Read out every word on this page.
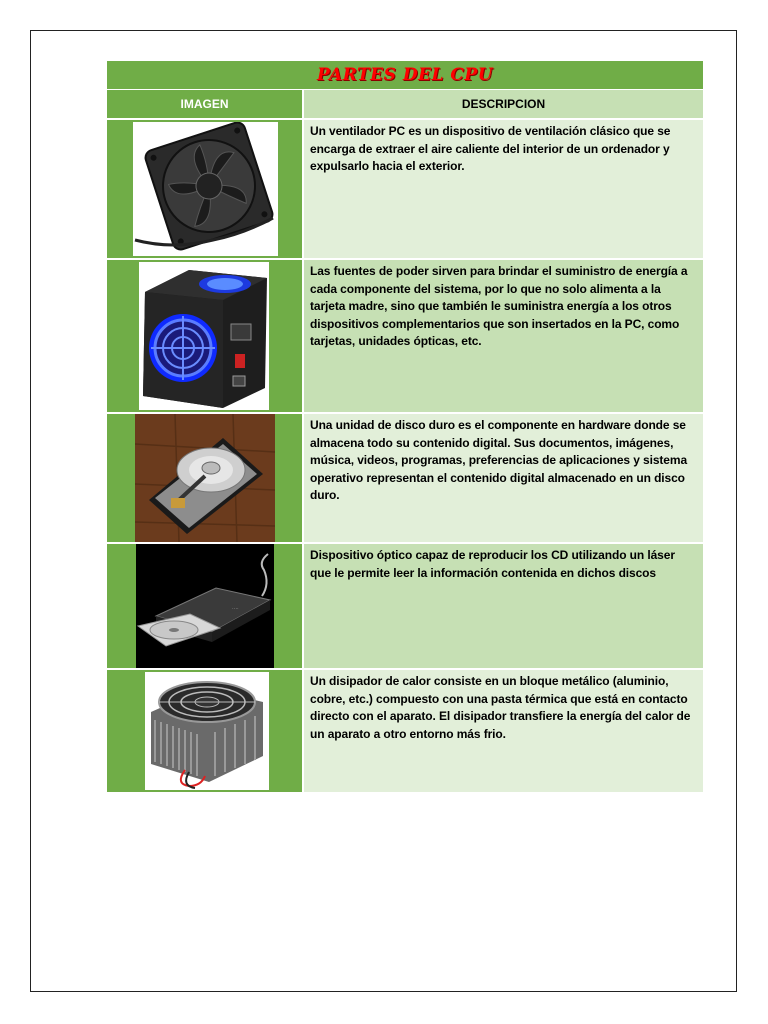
PARTES DEL CPU
IMAGEN	DESCRIPCION
Un ventilador PC es un dispositivo de ventilación clásico que se encarga de extraer el aire caliente del interior de un ordenador y expulsarlo hacia el exterior.
Las fuentes de poder sirven para brindar el suministro de energía a cada componente del sistema, por lo que no solo alimenta a la tarjeta madre, sino que también le suministra energía a los otros dispositivos complementarios que son insertados en la PC, como tarjetas, unidades ópticas, etc.
Una unidad de disco duro es el componente en hardware donde se almacena todo su contenido digital. Sus documentos, imágenes, música, videos, programas, preferencias de aplicaciones y sistema operativo representan el contenido digital almacenado en un disco duro.
····
Dispositivo óptico capaz de reproducir los CD utilizando un láser que le permite leer la información contenida en dichos discos
Un disipador de calor consiste en un bloque metálico (aluminio, cobre, etc.) compuesto con una pasta térmica que está en contacto directo con el aparato. El disipador transfiere la energía del calor de un aparato a otro entorno más frio.
